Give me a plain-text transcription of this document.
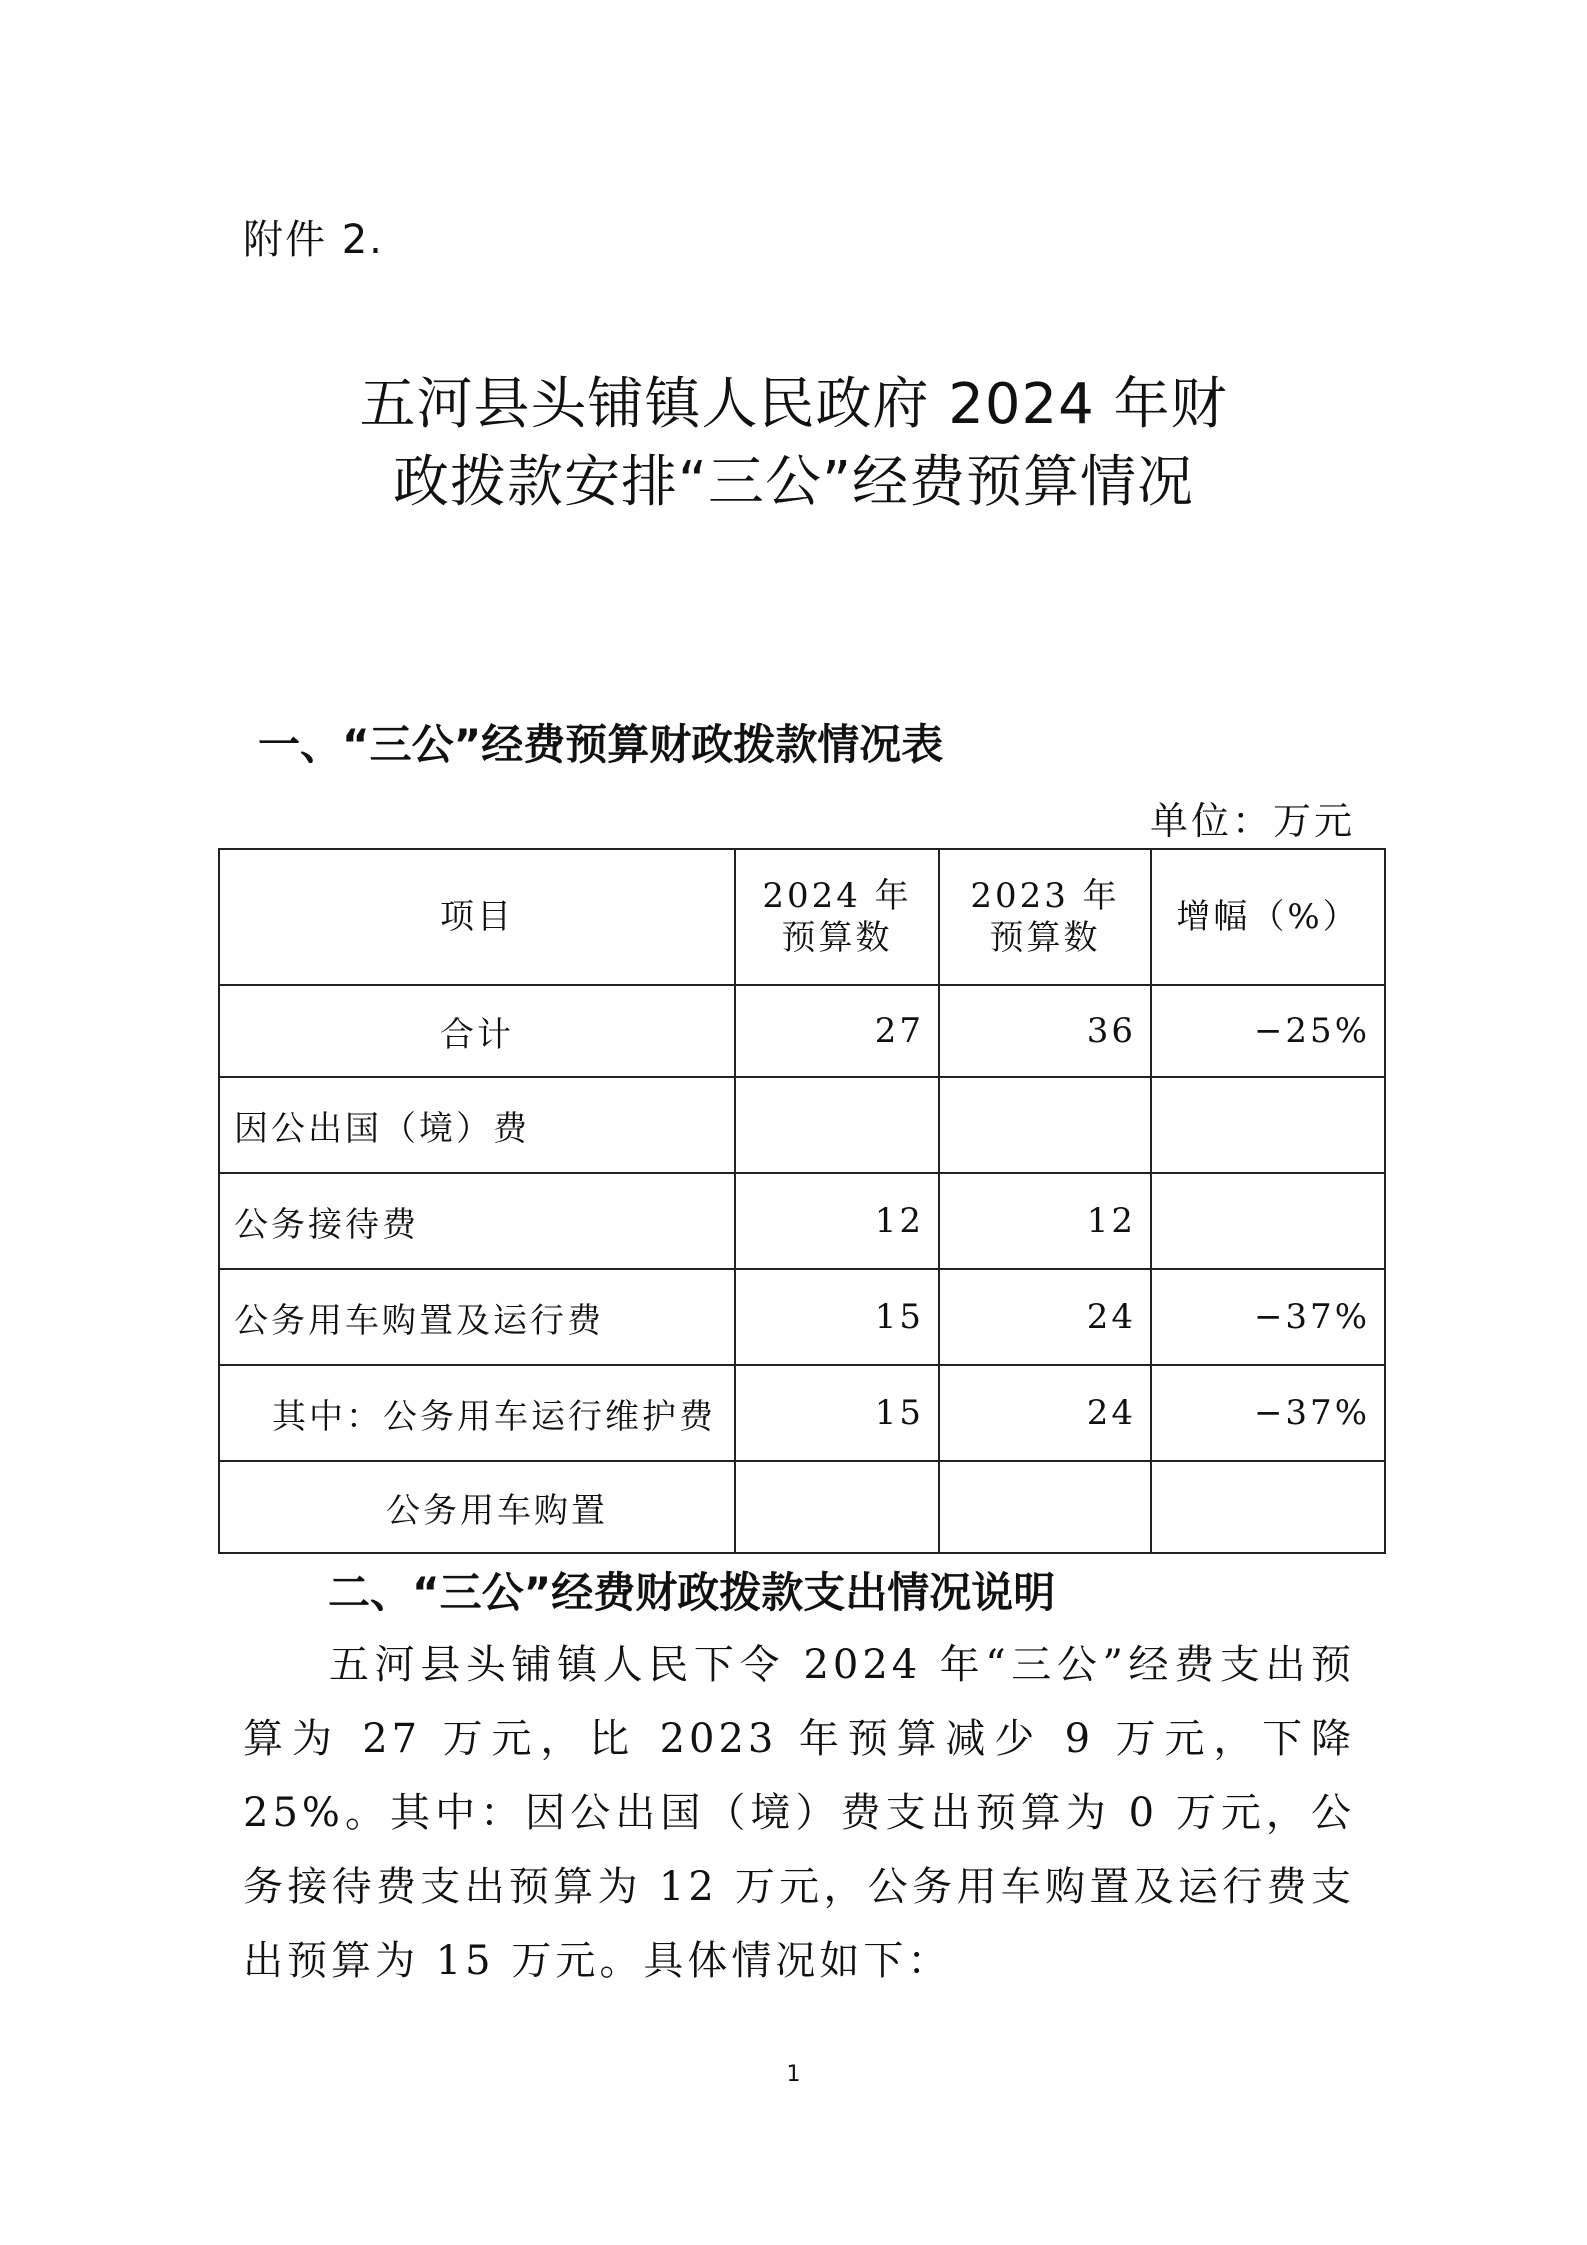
附件 2.
五河县头铺镇人民政府 2024 年财
政拨款安排“三公”经费预算情况
一、“三公”经费预算财政拨款情况表
单位：万元
项目	2024 年预算数	2023 年预算数	增幅（%）
合计	27	36	−25%
因公出国（境）费			
公务接待费	12	12	
公务用车购置及运行费	15	24	−37%
其中：公务用车运行维护费	15	24	−37%
公务用车购置			
二、“三公”经费财政拨款支出情况说明
五河县头铺镇人民下令 2024 年“三公”经费支出预算为 27 万元，比 2023 年预算减少 9 万元，下降 25%。其中：因公出国（境）费支出预算为 0 万元，公务接待费支出预算为 12 万元，公务用车购置及运行费支出预算为 15 万元。具体情况如下：
1
